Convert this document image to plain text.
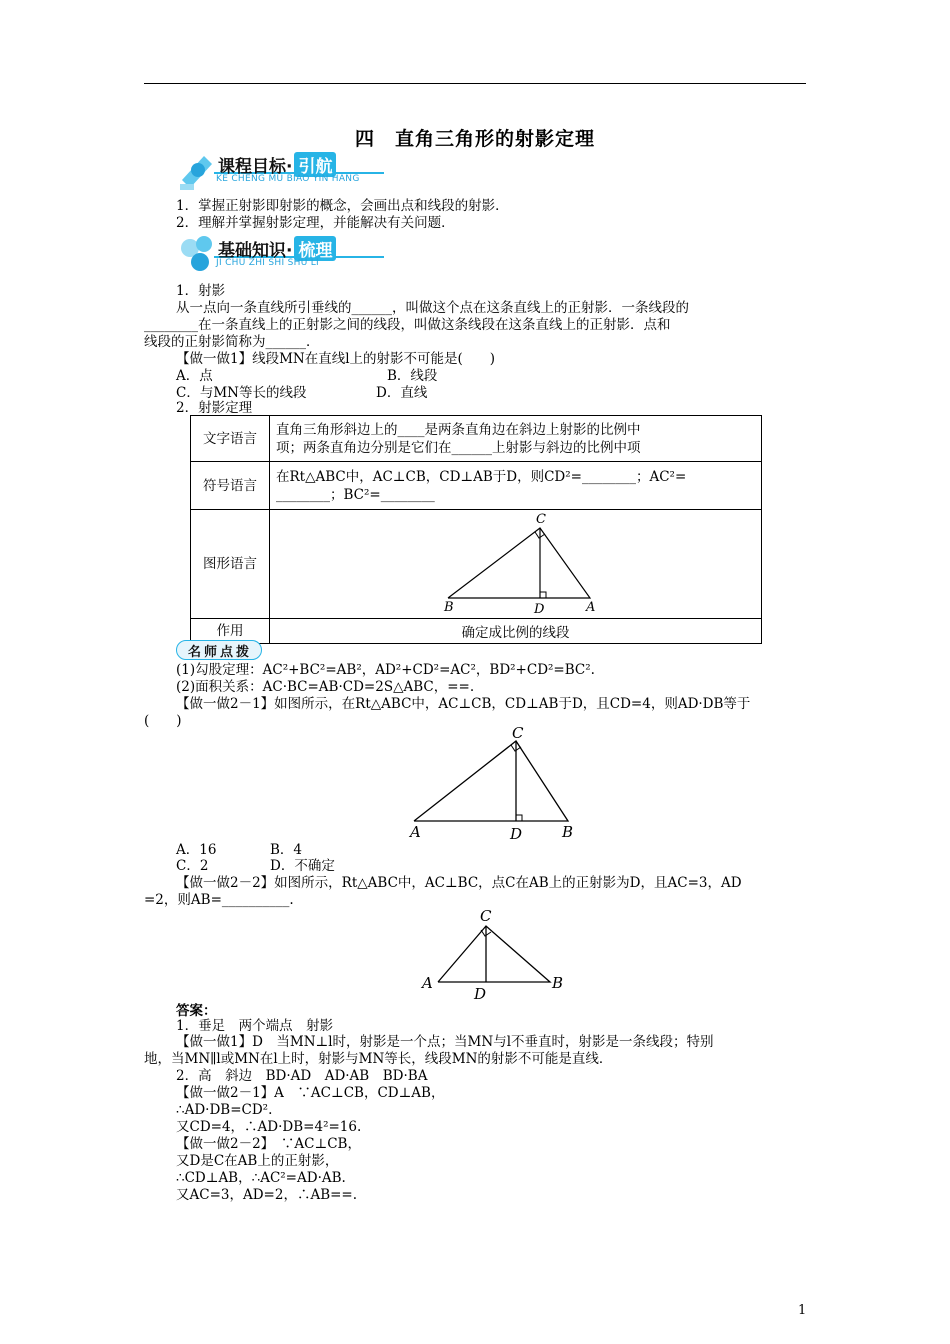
四　直角三角形的射影定理
课程目标· 引航
KE CHENG MU BIAO YIN HANG
1．掌握正射影即射影的概念，会画出点和线段的射影．
2．理解并掌握射影定理，并能解决有关问题．
基础知识· 梳理
JI CHU ZHI SHI SHU LI
1．射影
从一点向一条直线所引垂线的______，叫做这个点在这条直线上的正射影．一条线段的
________在一条直线上的正射影之间的线段，叫做这条线段在这条直线上的正射影．点和
线段的正射影简称为______．
【做一做1】线段MN在直线l上的射影不可能是(　　)
A．点	B．线段
C．与MN等长的线段	D．直线
2．射影定理
文字语言	直角三角形斜边上的____是两条直角边在斜边上射影的比例中
项；两条直角边分别是它们在______上射影与斜边的比例中项

符号语言	在Rt△ABC中，AC⊥CB，CD⊥AB于D，则CD²=________；AC²=
________；BC²=________

图形语言	C
B D A

作用	确定成比例的线段
名师点拨
(1)勾股定理：AC²+BC²=AB²，AD²+CD²=AC²，BD²+CD²=BC².
(2)面积关系：AC·BC=AB·CD=2S△ABC，==.
【做一做2－1】如图所示，在Rt△ABC中，AC⊥CB，CD⊥AB于D，且CD=4，则AD·DB等于
(　　)
C
A	D	B
A．16	B．4
C．2	D．不确定
【做一做2－2】如图所示，Rt△ABC中，AC⊥BC，点C在AB上的正射影为D，且AC=3，AD
=2，则AB=__________.
C
A
D
B
答案：
1．垂足　两个端点　射影
【做一做1】D　当MN⊥l时，射影是一个点；当MN与l不垂直时，射影是一条线段；特别
地，当MN∥l或MN在l上时，射影与MN等长，线段MN的射影不可能是直线．
2．高　斜边　BD·AD　AD·AB　BD·BA
【做一做2－1】A　∵AC⊥CB，CD⊥AB，
∴AD·DB=CD².
又CD=4，∴AD·DB=4²=16.
【做一做2－2】　∵AC⊥CB，
又D是C在AB上的正射影，
∴CD⊥AB，∴AC²=AD·AB.
又AC=3，AD=2，∴AB==.
1
